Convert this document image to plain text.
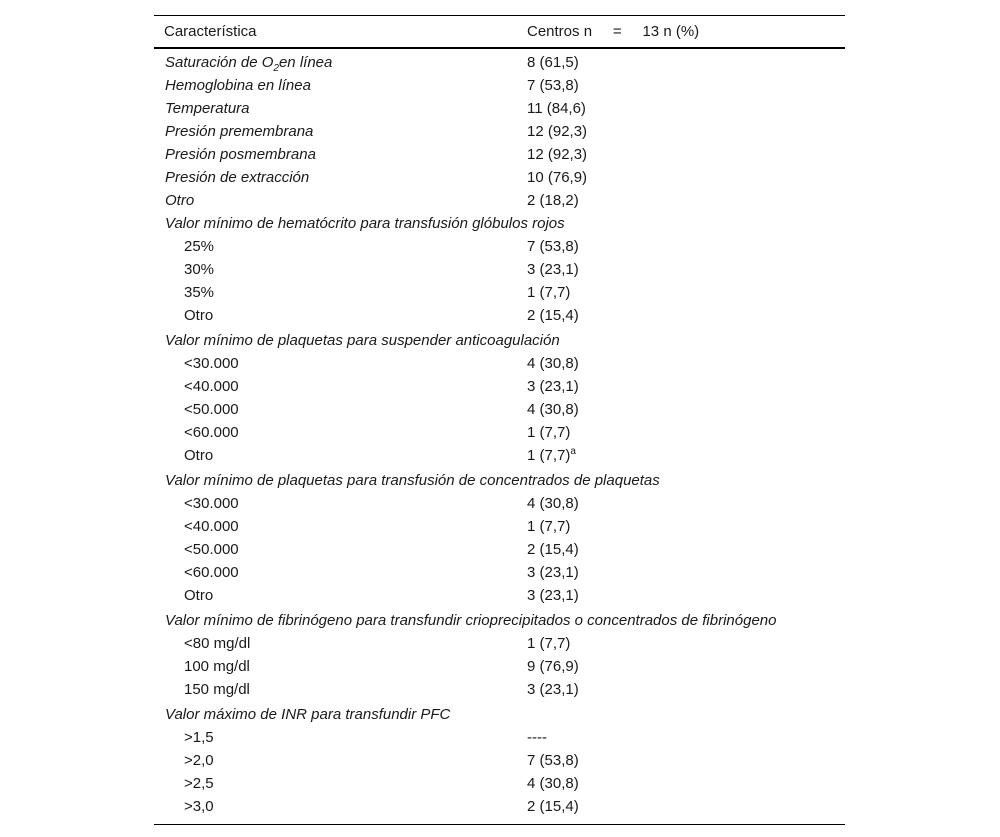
Característica	Centros n     =     13 n (%)
Saturación de $O_2en$ línea	8 (61,5)
Hemoglobina en línea	7 (53,8)
Temperatura	11 (84,6)
Presión premembrana	12 (92,3)
Presión posmembrana	12 (92,3)
Presión de extracción	10 (76,9)
Otro	2 (18,2)
Valor mínimo de hematócrito para transfusión glóbulos rojos
25%	7 (53,8)
30%	3 (23,1)
35%	1 (7,7)
Otro	2 (15,4)
Valor mínimo de plaquetas para suspender anticoagulación
<30.000	4 (30,8)
<40.000	3 (23,1)
<50.000	4 (30,8)
<60.000	1 (7,7)
Otro	1 $(7,7)^a$
Valor mínimo de plaquetas para transfusión de concentrados de plaquetas
<30.000	4 (30,8)
<40.000	1 (7,7)
<50.000	2 (15,4)
<60.000	3 (23,1)
Otro	3 (23,1)
Valor mínimo de fibrinógeno para transfundir crioprecipitados o concentrados de fibrinógeno
<80 mg/dl	1 (7,7)
100 mg/dl	9 (76,9)
150 mg/dl	3 (23,1)
Valor máximo de INR para transfundir PFC
>1,5	----
>2,0	7 (53,8)
>2,5	4 (30,8)
>3,0	2 (15,4)
